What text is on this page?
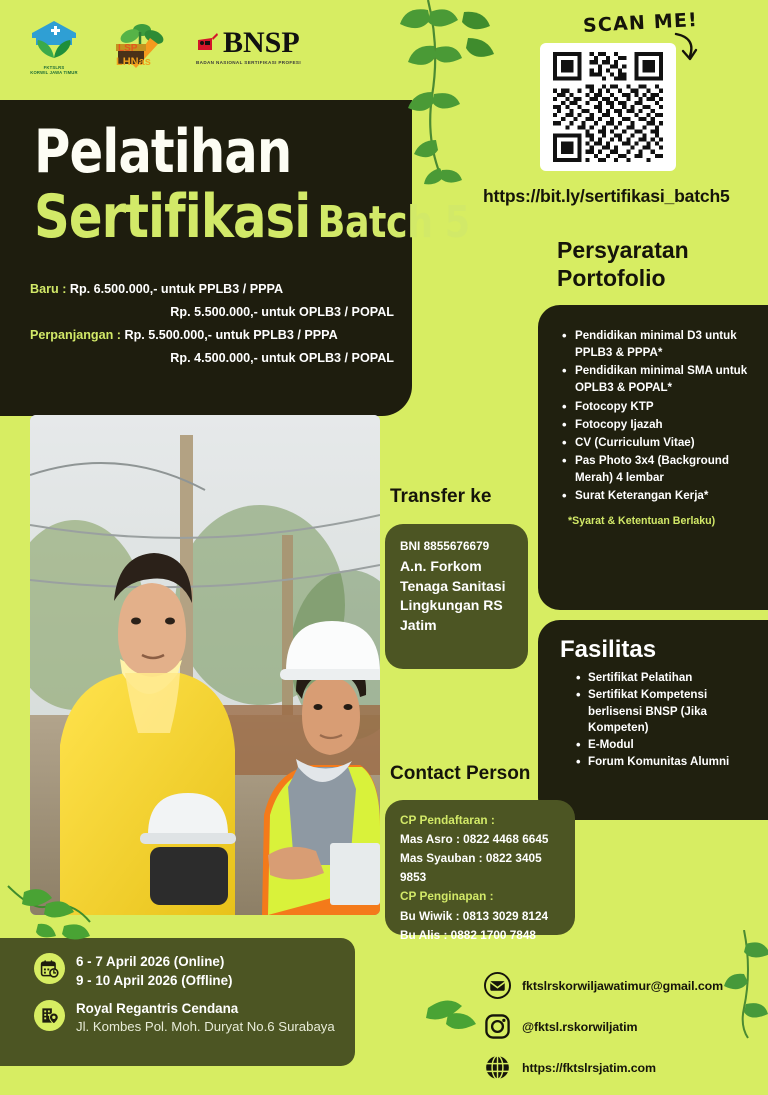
FKTSLRS
KORWIL JAWA TIMUR
LSP
LHNas
BNSP
BADAN NASIONAL SERTIFIKASI PROFESI
Pelatihan
Sertifikasi Batch 5
Baru : Rp. 6.500.000,- untuk PPLB3 / PPPA
Rp. 5.500.000,- untuk OPLB3 / POPAL
Perpanjangan : Rp. 5.500.000,- untuk PPLB3 / PPPA
Rp. 4.500.000,- untuk OPLB3 / POPAL
SCAN ME!
https://bit.ly/sertifikasi_batch5
Persyaratan
Portofolio
• Pendidikan minimal D3 untuk PPLB3 & PPPA*
• Pendidikan minimal SMA untuk OPLB3 & POPAL*
• Fotocopy KTP
• Fotocopy Ijazah
• CV (Curriculum Vitae)
• Pas Photo 3x4 (Background Merah) 4 lembar
• Surat Keterangan Kerja*
*Syarat & Ketentuan Berlaku)
Fasilitas
• Sertifikat Pelatihan
• Sertifikat Kompetensi berlisensi BNSP (Jika Kompeten)
• E-Modul
• Forum Komunitas Alumni
Transfer ke
BNI 8855676679
A.n. Forkom Tenaga Sanitasi Lingkungan RS Jatim
Contact Person
CP Pendaftaran :
Mas Asro : 0822 4468 6645
Mas Syauban : 0822 3405 9853
CP Penginapan :
Bu Wiwik : 0813 3029 8124
Bu Alis : 0882 1700 7848
6 - 7 April 2026 (Online)
9 - 10 April 2026 (Offline)
Royal Regantris Cendana
Jl. Kombes Pol. Moh. Duryat No.6 Surabaya
fktslrskorwiljawatimur@gmail.com
@fktsl.rskorwiljatim
https://fktslrsjatim.com
